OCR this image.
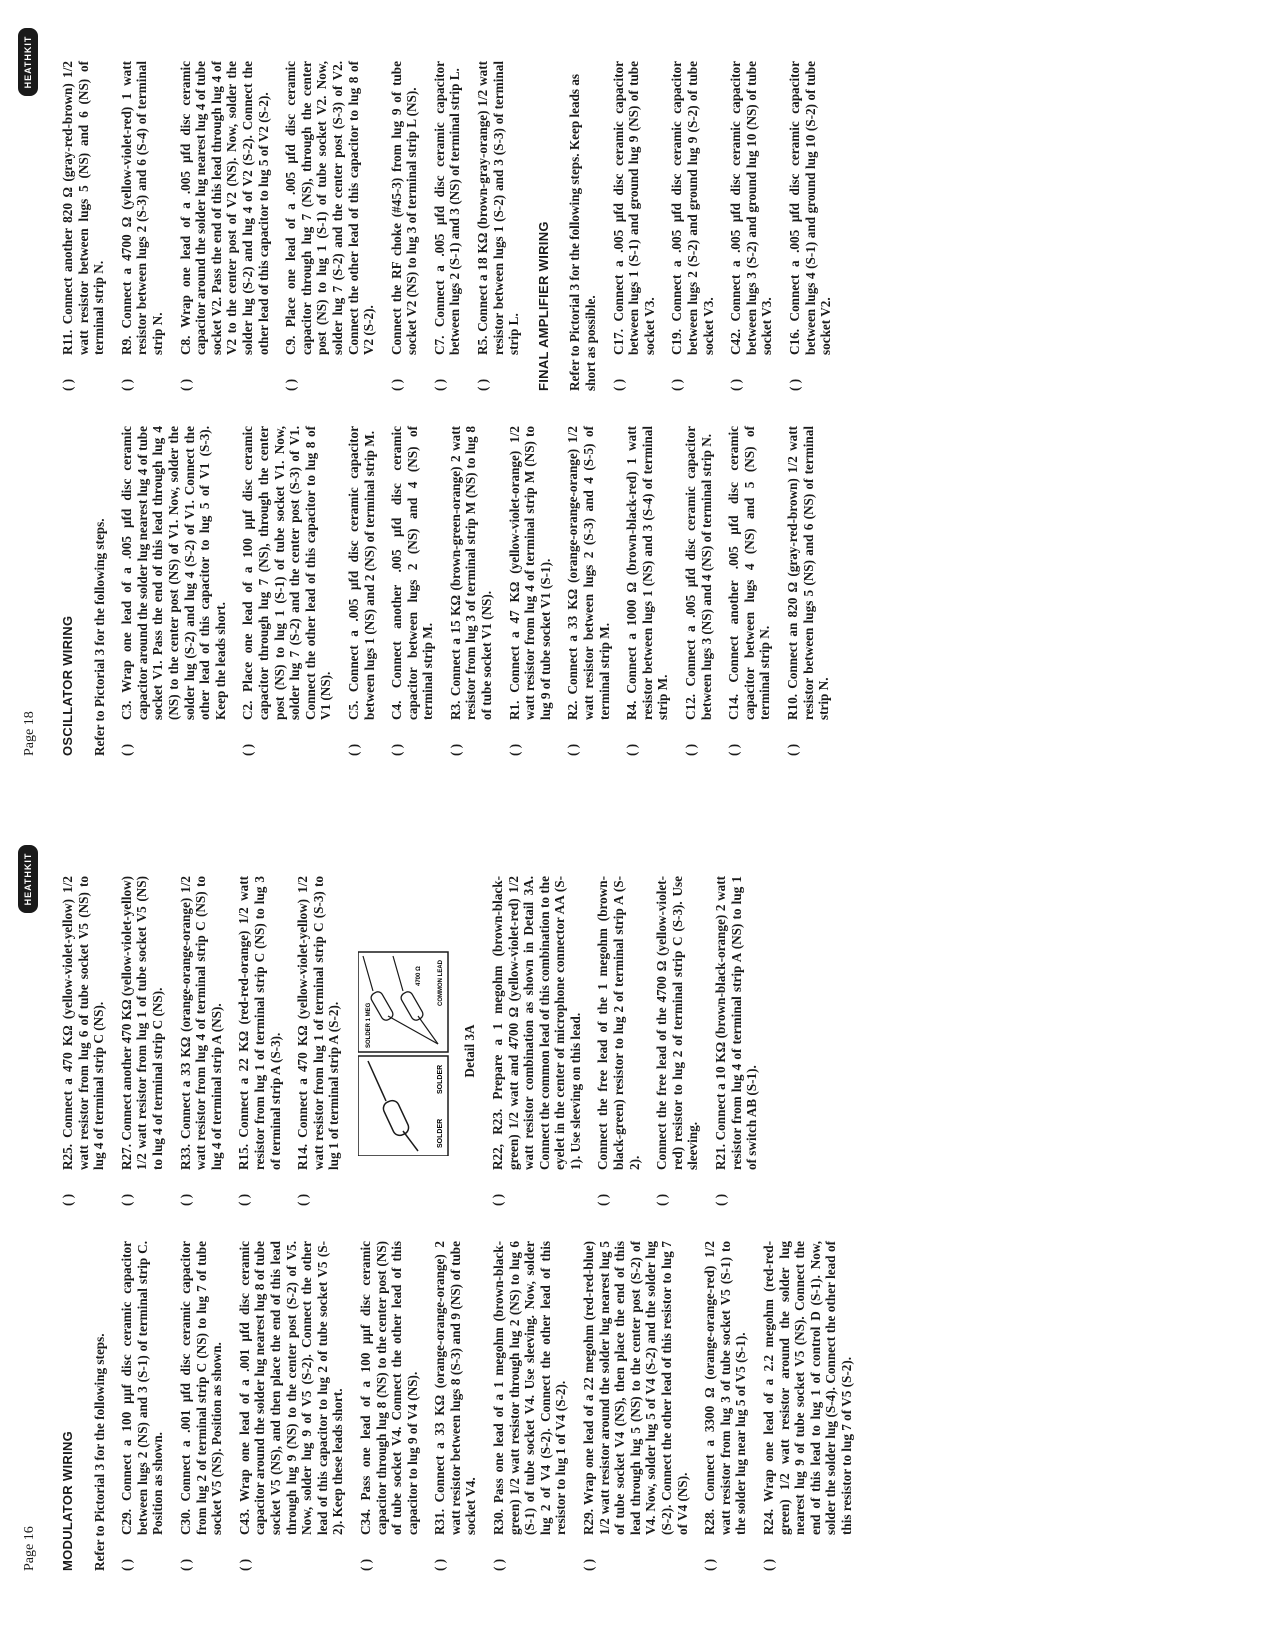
Page 16
HEATHKIT
MODULATOR WIRING Refer to Pictorial 3 for the following steps. ( )
C29. Connect a 100 µµf disc ceramic capacitor between lugs 2 (NS) and 3 (S-1) of terminal strip C. Position as shown.
( )
C30. Connect a .001 µfd disc ceramic capacitor from lug 2 of terminal strip C (NS) to lug 7 of tube socket V5 (NS). Position as shown.
( )
C43. Wrap one lead of a .001 µfd disc ceramic capacitor around the solder lug nearest lug 8 of tube socket V5 (NS), and then place the end of this lead through lug 9 (NS) to the center post (S-2) of V5. Now, solder lug 9 of V5 (S-2). Connect the other lead of this capacitor to lug 2 of tube socket V5 (S-2). Keep these leads short.
( )
C34. Pass one lead of a 100 µµf disc ceramic capacitor through lug 8 (NS) to the center post (NS) of tube socket V4. Connect the other lead of this capacitor to lug 9 of V4 (NS).
( )
R31. Connect a 33 KΩ (orange-orange-orange) 2 watt resistor between lugs 8 (S-3) and 9 (NS) of tube socket V4.
( )
R30. Pass one lead of a 1 megohm (brown-black-green) 1/2 watt resistor through lug 2 (NS) to lug 6 (S-1) of tube socket V4. Use sleeving. Now, solder lug 2 of V4 (S-2). Connect the other lead of this resistor to lug 1 of V4 (S-2).
( )
R29. Wrap one lead of a 22 megohm (red-red-blue) 1/2 watt resistor around the solder lug nearest lug 5 of tube socket V4 (NS), then place the end of this lead through lug 5 (NS) to the center post (S-2) of V4. Now, solder lug 5 of V4 (S-2) and the solder lug (S-2). Connect the other lead of this resistor to lug 7 of V4 (NS).
( )
R28. Connect a 3300 Ω (orange-orange-red) 1/2 watt resistor from lug 3 of tube socket V5 (S-1) to the solder lug near lug 5 of V5 (S-1).
( )
R24. Wrap one lead of a 2.2 megohm (red-red-green) 1/2 watt resistor around the solder lug nearest lug 9 of tube socket V5 (NS). Connect the end of this lead to lug 1 of control D (S-1). Now, solder the solder lug (S-4). Connect the other lead of this resistor to lug 7 of V5 (S-2).
( )
R25. Connect a 470 KΩ (yellow-violet-yellow) 1/2 watt resistor from lug 6 of tube socket V5 (NS) to lug 4 of terminal strip C (NS).
( )
R27. Connect another 470 KΩ (yellow-violet-yellow) 1/2 watt resistor from lug 1 of tube socket V5 (NS) to lug 4 of terminal strip C (NS).
( )
R33. Connect a 33 KΩ (orange-orange-orange) 1/2 watt resistor from lug 4 of terminal strip C (NS) to lug 4 of terminal strip A (NS).
( )
R15. Connect a 22 KΩ (red-red-orange) 1/2 watt resistor from lug 1 of terminal strip C (NS) to lug 3 of terminal strip A (S-3).
( )
R14. Connect a 470 KΩ (yellow-violet-yellow) 1/2 watt resistor from lug 1 of terminal strip C (S-3) to lug 1 of terminal strip A (S-2).	SOLDER
SOLDER
SOLDER 1 MEG
4700 Ω	COMMON LEAD
Detail 3A
( )
R22, R23. Prepare a 1 megohm (brown-black-green) 1/2 watt and 4700 Ω (yellow-violet-red) 1/2 watt resistor combination as shown in Detail 3A. Connect the common lead of this combination to the eyelet in the center of microphone connector AA (S-1). Use sleeving on this lead.
( )
Connect the free lead of the 1 megohm (brown-black-green) resistor to lug 2 of terminal strip A (S-2).
( )
Connect the free lead of the 4700 Ω (yellow-violet-red) resistor to lug 2 of terminal strip C (S-3). Use sleeving.
( )
R21. Connect a 10 KΩ (brown-black-orange) 2 watt resistor from lug 4 of terminal strip A (NS) to lug 1 of switch AB (S-1).
Page 18
HEATHKIT
OSCILLATOR WIRING Refer to Pictorial 3 for the following steps. ( )
C3. Wrap one lead of a .005 µfd disc ceramic capacitor around the solder lug nearest lug 4 of tube socket V1. Pass the end of this lead through lug 4 (NS) to the center post (NS) of V1. Now, solder the solder lug (S-2) and lug 4 (S-2) of V1. Connect the other lead of this capacitor to lug 5 of V1 (S-3). Keep the leads short.
( )
C2. Place one lead of a 100 µµf disc ceramic capacitor through lug 7 (NS), through the center post (NS) to lug 1 (S-1) of tube socket V1. Now, solder lug 7 (S-2) and the center post (S-3) of V1. Connect the other lead of this capacitor to lug 8 of V1 (NS).
( )
C5. Connect a .005 µfd disc ceramic capacitor between lugs 1 (NS) and 2 (NS) of terminal strip M.
( )
C4. Connect another .005 µfd disc ceramic capacitor between lugs 2 (NS) and 4 (NS) of terminal strip M.
( )
R3. Connect a 15 KΩ (brown-green-orange) 2 watt resistor from lug 3 of terminal strip M (NS) to lug 8 of tube socket V1 (NS).
( )
R1. Connect a 47 KΩ (yellow-violet-orange) 1/2 watt resistor from lug 4 of terminal strip M (NS) to lug 9 of tube socket V1 (S-1).
( )
R2. Connect a 33 KΩ (orange-orange-orange) 1/2 watt resistor between lugs 2 (S-3) and 4 (S-5) of terminal strip M.
( )
R4. Connect a 1000 Ω (brown-black-red) 1 watt resistor between lugs 1 (NS) and 3 (S-4) of terminal strip M.
( )
C12. Connect a .005 µfd disc ceramic capacitor between lugs 3 (NS) and 4 (NS) of terminal strip N.
( )
C14. Connect another .005 µfd disc ceramic capacitor between lugs 4 (NS) and 5 (NS) of terminal strip N.
( )
R10. Connect an 820 Ω (gray-red-brown) 1/2 watt resistor between lugs 5 (NS) and 6 (NS) of terminal strip N.
( )
R11. Connect another 820 Ω (gray-red-brown) 1/2 watt resistor between lugs 5 (NS) and 6 (NS) of terminal strip N.
( )
R9. Connect a 4700 Ω (yellow-violet-red) 1 watt resistor between lugs 2 (S-3) and 6 (S-4) of terminal strip N.
( )
C8. Wrap one lead of a .005 µfd disc ceramic capacitor around the solder lug nearest lug 4 of tube socket V2. Pass the end of this lead through lug 4 of V2 to the center post of V2 (NS). Now, solder the solder lug (S-2) and lug 4 of V2 (S-2). Connect the other lead of this capacitor to lug 5 of V2 (S-2).
( )
C9. Place one lead of a .005 µfd disc ceramic capacitor through lug 7 (NS), through the center post (NS) to lug 1 (S-1) of tube socket V2. Now, solder lug 7 (S-2) and the center post (S-3) of V2. Connect the other lead of this capacitor to lug 8 of V2 (S-2).
( )
Connect the RF choke (#45-3) from lug 9 of tube socket V2 (NS) to lug 3 of terminal strip L (NS).
( )
C7. Connect a .005 µfd disc ceramic capacitor between lugs 2 (S-1) and 3 (NS) of terminal strip L.
( )
R5. Connect a 18 KΩ (brown-gray-orange) 1/2 watt resistor between lugs 1 (S-2) and 3 (S-3) of terminal strip L. FINAL AMPLIFIER WIRING Refer to Pictorial 3 for the following steps. Keep leads as short as possible. ( )
C17. Connect a .005 µfd disc ceramic capacitor between lugs 1 (S-1) and ground lug 9 (NS) of tube socket V3.
( )
C19. Connect a .005 µfd disc ceramic capacitor between lugs 2 (S-2) and ground lug 9 (S-2) of tube socket V3.
( )
C42. Connect a .005 µfd disc ceramic capacitor between lugs 3 (S-2) and ground lug 10 (NS) of tube socket V3.
( )
C16. Connect a .005 µfd disc ceramic capacitor between lugs 4 (S-1) and ground lug 10 (S-2) of tube socket V2.
